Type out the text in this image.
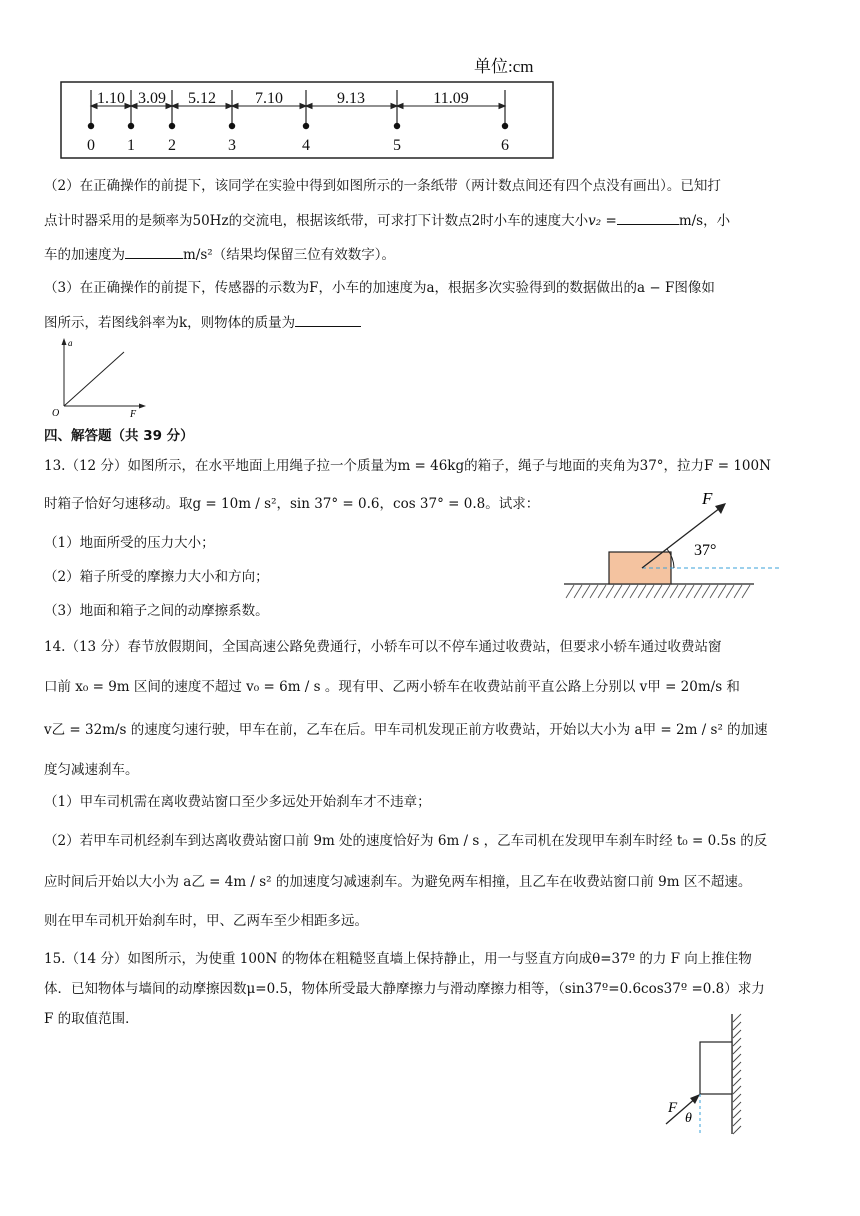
单位:cm
1.10 3.09 5.12 7.10	9.13	11.09
0 1 2	3	4	5	6
（2）在正确操作的前提下，该同学在实验中得到如图所示的一条纸带（两计数点间还有四个点没有画出）。已知打
点计时器采用的是频率为50Hz的交流电，根据该纸带，可求打下计数点2时小车的速度大小v₂ =	m/s，小
车的加速度为	m/s²（结果均保留三位有效数字）。
（3）在正确操作的前提下，传感器的示数为F，小车的加速度为a，根据多次实验得到的数据做出的a − F图像如
图所示，若图线斜率为k，则物体的质量为
a
O	F
四、解答题（共 39 分）
13.（12 分）如图所示，在水平地面上用绳子拉一个质量为m = 46kg的箱子，绳子与地面的夹角为37°，拉力F = 100N
时箱子恰好匀速移动。取g = 10m / s²，sin 37° = 0.6，cos 37° = 0.8。试求：
（1）地面所受的压力大小；
（2）箱子所受的摩擦力大小和方向；
（3）地面和箱子之间的动摩擦系数。
F
37°
14.（13 分）春节放假期间，全国高速公路免费通行，小轿车可以不停车通过收费站，但要求小轿车通过收费站窗
口前 x₀ = 9m 区间的速度不超过 v₀ = 6m / s 。现有甲、乙两小轿车在收费站前平直公路上分别以 v甲 = 20m/s 和
v乙 = 32m/s 的速度匀速行驶，甲车在前，乙车在后。甲车司机发现正前方收费站，开始以大小为 a甲 = 2m / s² 的加速
度匀减速刹车。
（1）甲车司机需在离收费站窗口至少多远处开始刹车才不违章；
（2）若甲车司机经刹车到达离收费站窗口前 9m 处的速度恰好为 6m / s ，乙车司机在发现甲车刹车时经 t₀ = 0.5s 的反
应时间后开始以大小为 a乙 = 4m / s² 的加速度匀减速刹车。为避免两车相撞，且乙车在收费站窗口前 9m 区不超速。
则在甲车司机开始刹车时，甲、乙两车至少相距多远。
15.（14 分）如图所示，为使重 100N 的物体在粗糙竖直墙上保持静止，用一与竖直方向成θ=37º 的力 F 向上推住物
体．已知物体与墙间的动摩擦因数μ=0.5，物体所受最大静摩擦力与滑动摩擦力相等，（sin37º=0.6cos37º =0.8）求力
F 的取值范围．
F
θ
